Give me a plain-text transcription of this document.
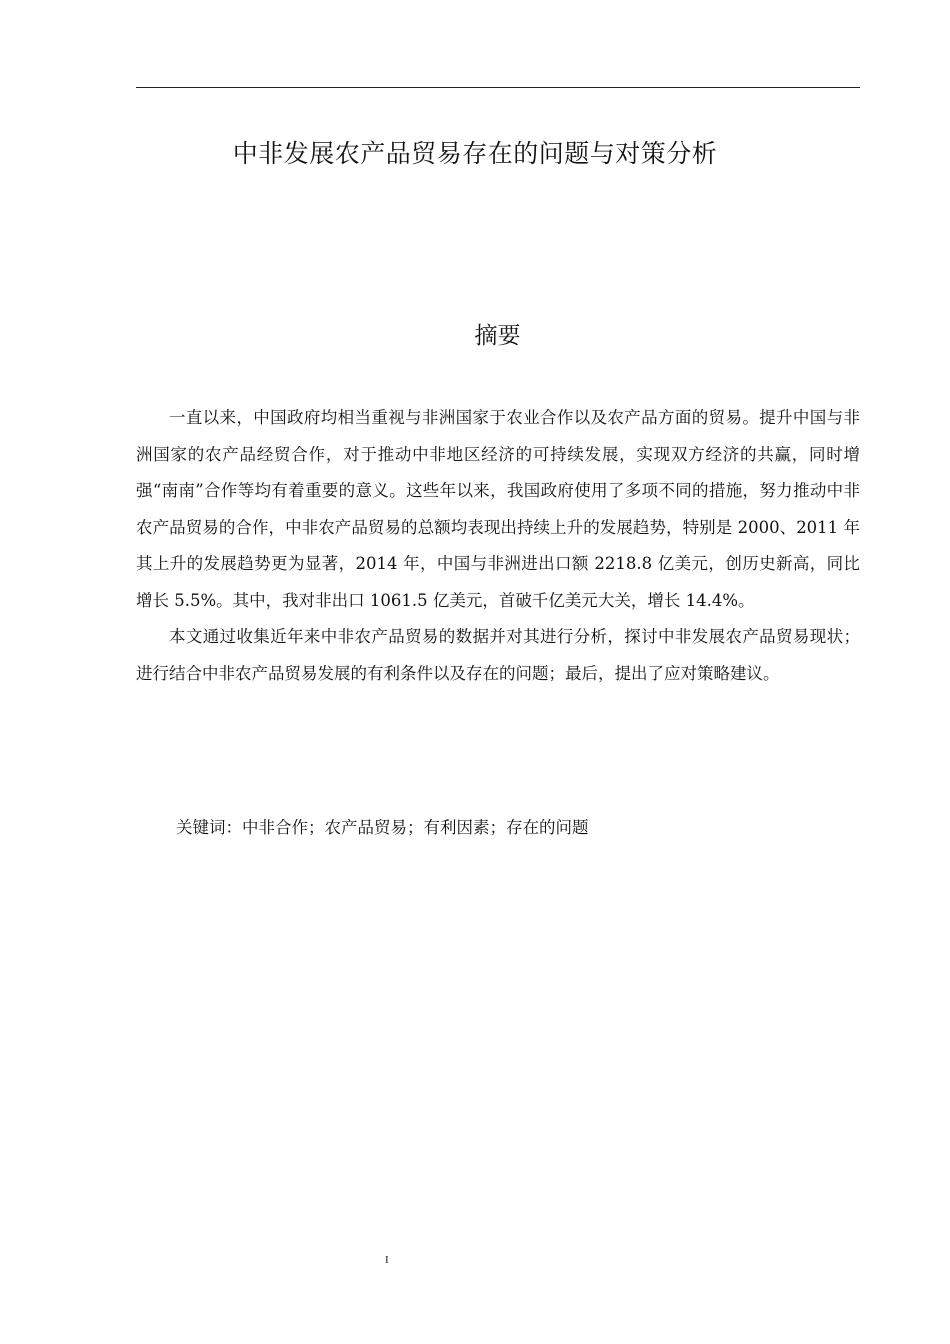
中非发展农产品贸易存在的问题与对策分析
摘要

一直以来，中国政府均相当重视与非洲国家于农业合作以及农产品方面的贸易。提升中国与非洲国家的农产品经贸合作，对于推动中非地区经济的可持续发展，实现双方经济的共赢，同时增强“南南”合作等均有着重要的意义。这些年以来，我国政府使用了多项不同的措施，努力推动中非农产品贸易的合作，中非农产品贸易的总额均表现出持续上升的发展趋势，特别是 2000、2011 年其上升的发展趋势更为显著，2014 年，中国与非洲进出口额 2218.8 亿美元，创历史新高，同比增长 5.5%。其中，我对非出口 1061.5 亿美元，首破千亿美元大关，增长 14.4%。

本文通过收集近年来中非农产品贸易的数据并对其进行分析，探讨中非发展农产品贸易现状；进行结合中非农产品贸易发展的有利条件以及存在的问题；最后，提出了应对策略建议。

关键词：中非合作；农产品贸易；有利因素；存在的问题
I
